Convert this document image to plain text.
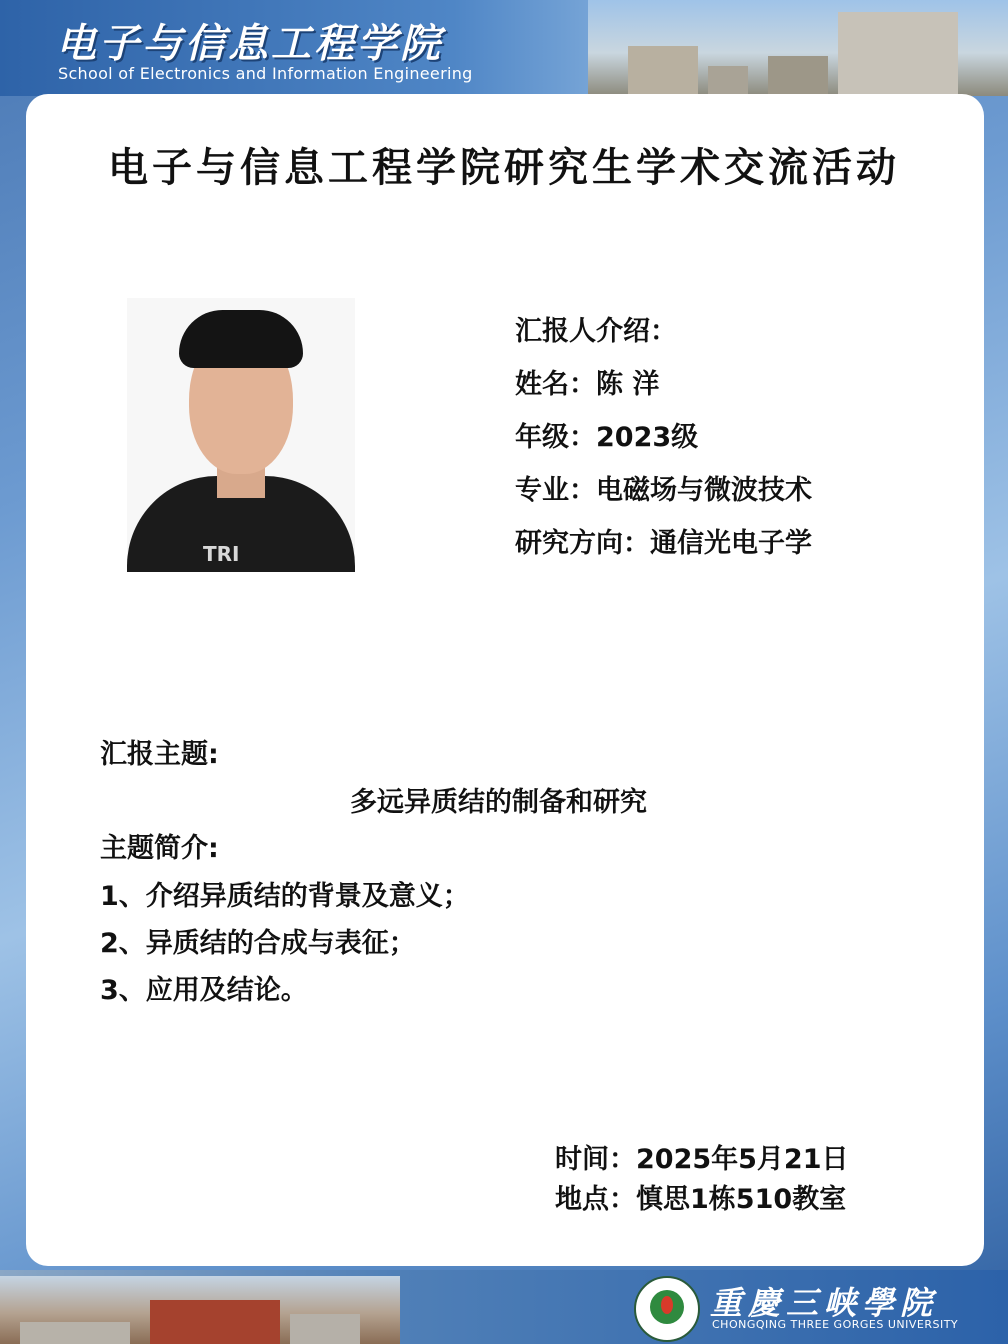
电子与信息工程学院
School of Electronics and Information Engineering
电子与信息工程学院研究生学术交流活动
TRI
汇报人介绍：
姓名：陈 洋
年级：2023级
专业：电磁场与微波技术
研究方向：通信光电子学
汇报主题:
多远异质结的制备和研究
主题简介:
1、介绍异质结的背景及意义；
2、异质结的合成与表征；
3、应用及结论。
时间：2025年5月21日
地点：慎思1栋510教室
重慶三峡學院
CHONGQING THREE GORGES UNIVERSITY
